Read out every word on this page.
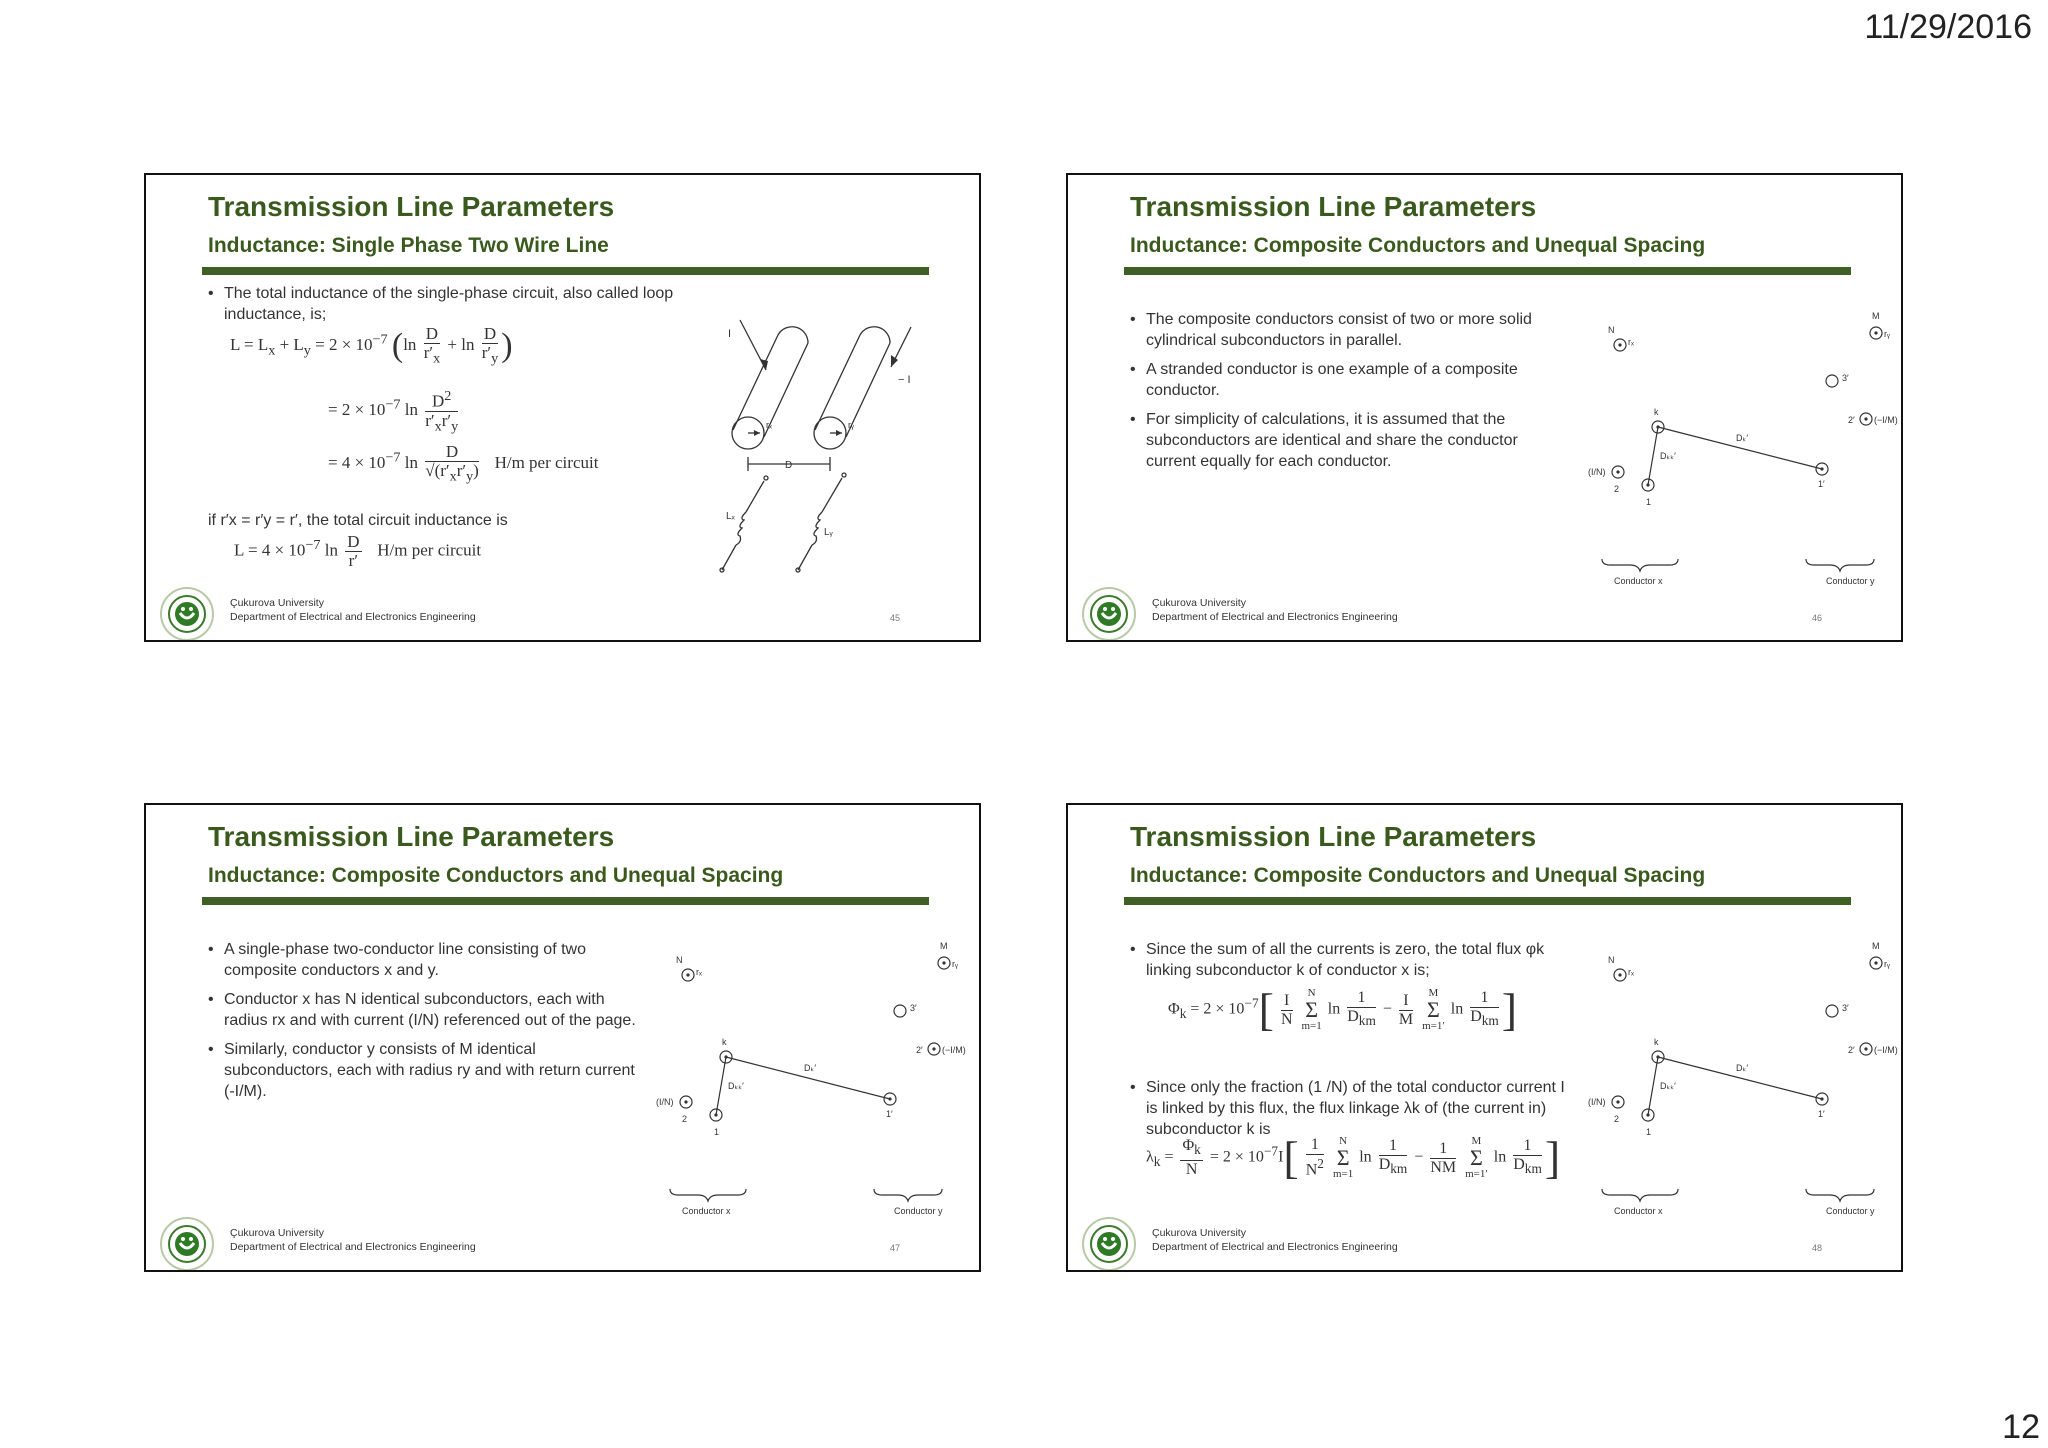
11/29/2016
Transmission Line Parameters
Inductance: Single Phase Two Wire Line
• The total inductance of the single-phase circuit, also called loop inductance, is;
$L = L_x + L_y = 2 \times 10^{-7}$ ($\ln \frac{D}{r'_x} + \ln \frac{D}{r'_y}$ )
= $2 \times 10^{-7}$ $\ln \frac{D^2}{r'_xr'_y}$
= $4 \times 10^{-7}$ $\ln \frac{D}{√(r'_xr'_y)} H/m$ per circuit
if r′x = r′y = r′, the total circuit inductance is
$L = 4 \times 10^{-7}$ $\ln \frac{D}{r'} H/m$ per circuit
I
− I
rₓ	rᵧ
D
Lₓ
Lᵧ
Çukurova University
Department of Electrical and Electronics Engineering	45
Transmission Line Parameters
Inductance: Composite Conductors and Unequal Spacing
• The composite conductors consist of two or more solid cylindrical subconductors in parallel.
• A stranded conductor is one example of a composite conductor.
• For simplicity of calculations, it is assumed that the subconductors are identical and share the conductor current equally for each conductor.
N
rₓ
M
rᵧ
3′
2′ (−I/M)
k
Dₖ′
Dₖₖ′
(I/N)
2
1
1′
Conductor x	Conductor y
Çukurova University
Department of Electrical and Electronics Engineering	46
Transmission Line Parameters
Inductance: Composite Conductors and Unequal Spacing
• A single-phase two-conductor line consisting of two composite conductors x and y.
• Conductor x has N identical subconductors, each with radius rx and with current (I/N) referenced out of the page.
• Similarly, conductor y consists of M identical subconductors, each with radius ry and with return current (-I/M).
N
rₓ
M
rᵧ
3′
2′ (−I/M)
k
Dₖ′
Dₖₖ′
(I/N)
2
1
1′
Conductor x	Conductor y
Çukurova University
Department of Electrical and Electronics Engineering	47
Transmission Line Parameters
Inductance: Composite Conductors and Unequal Spacing
• Since the sum of all the currents is zero, the total flux φk linking subconductor k of conductor x is;
$\Phi_k = 2 \times 10^{-7}[ \frac{I}{N}$ N
Σ
m=1 $\ln \frac{1}{D_{km}} - \frac{I}{M}$ M
Σ
m=1′ $\ln \frac{1}{D_{km}}$ ]
• Since only the fraction (1 /N) of the total conductor current I is linked by this flux, the flux linkage λk of (the current in) subconductor k is
$\lambda_k = \frac{\Phi_k}{N} = 2 \times 10^{-7}I[ \frac{1}{N^2}$ N
Σ
m=1 $\ln \frac{1}{D_{km}} - \frac{1}{NM}$ M
Σ
m=1′ $\ln \frac{1}{D_{km}}$ ]
N
rₓ
M
rᵧ
3′
2′ (−I/M)
k
Dₖ′
Dₖₖ′
(I/N)
2
1
1′
Conductor x	Conductor y
Çukurova University
Department of Electrical and Electronics Engineering	48
12
